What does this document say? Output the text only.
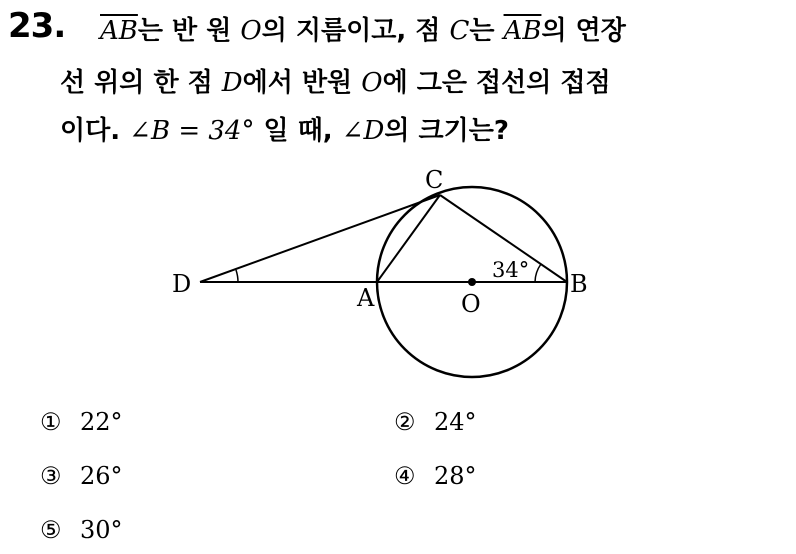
23. $\overline{AB}$는 반 원 O의 지름이고, 점 C는 $\overline{AB}$의 연장
선 위의 한 점 D에서 반원 O에 그은 접선의 접점
이다. ∠B = 34° 일 때, ∠D의 크기는?
C
D	A	O
B
34°
① 22°	② 24°
③ 26°	④ 28°
⑤ 30°
